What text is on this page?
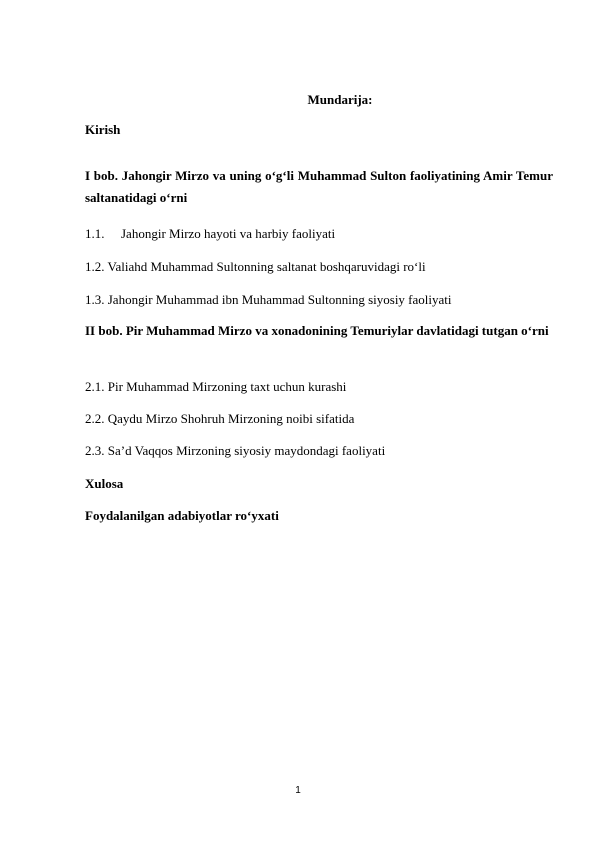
Mundarija:

Kirish

I bob. Jahongir Mirzo va uning o‘g‘li Muhammad Sulton faoliyatining Amir Temur saltanatidagi o‘rni

1.1. Jahongir Mirzo hayoti va harbiy faoliyati

1.2. Valiahd Muhammad Sultonning saltanat boshqaruvidagi ro‘li

1.3. Jahongir Muhammad ibn Muhammad Sultonning siyosiy faoliyati

II bob. Pir Muhammad Mirzo va xonadonining Temuriylar davlatidagi tutgan o‘rni

2.1. Pir Muhammad Mirzoning taxt uchun kurashi

2.2. Qaydu Mirzo Shohruh Mirzoning noibi sifatida

2.3. Sa’d Vaqqos Mirzoning siyosiy maydondagi faoliyati

Xulosa

Foydalanilgan adabiyotlar ro‘yxati

1
